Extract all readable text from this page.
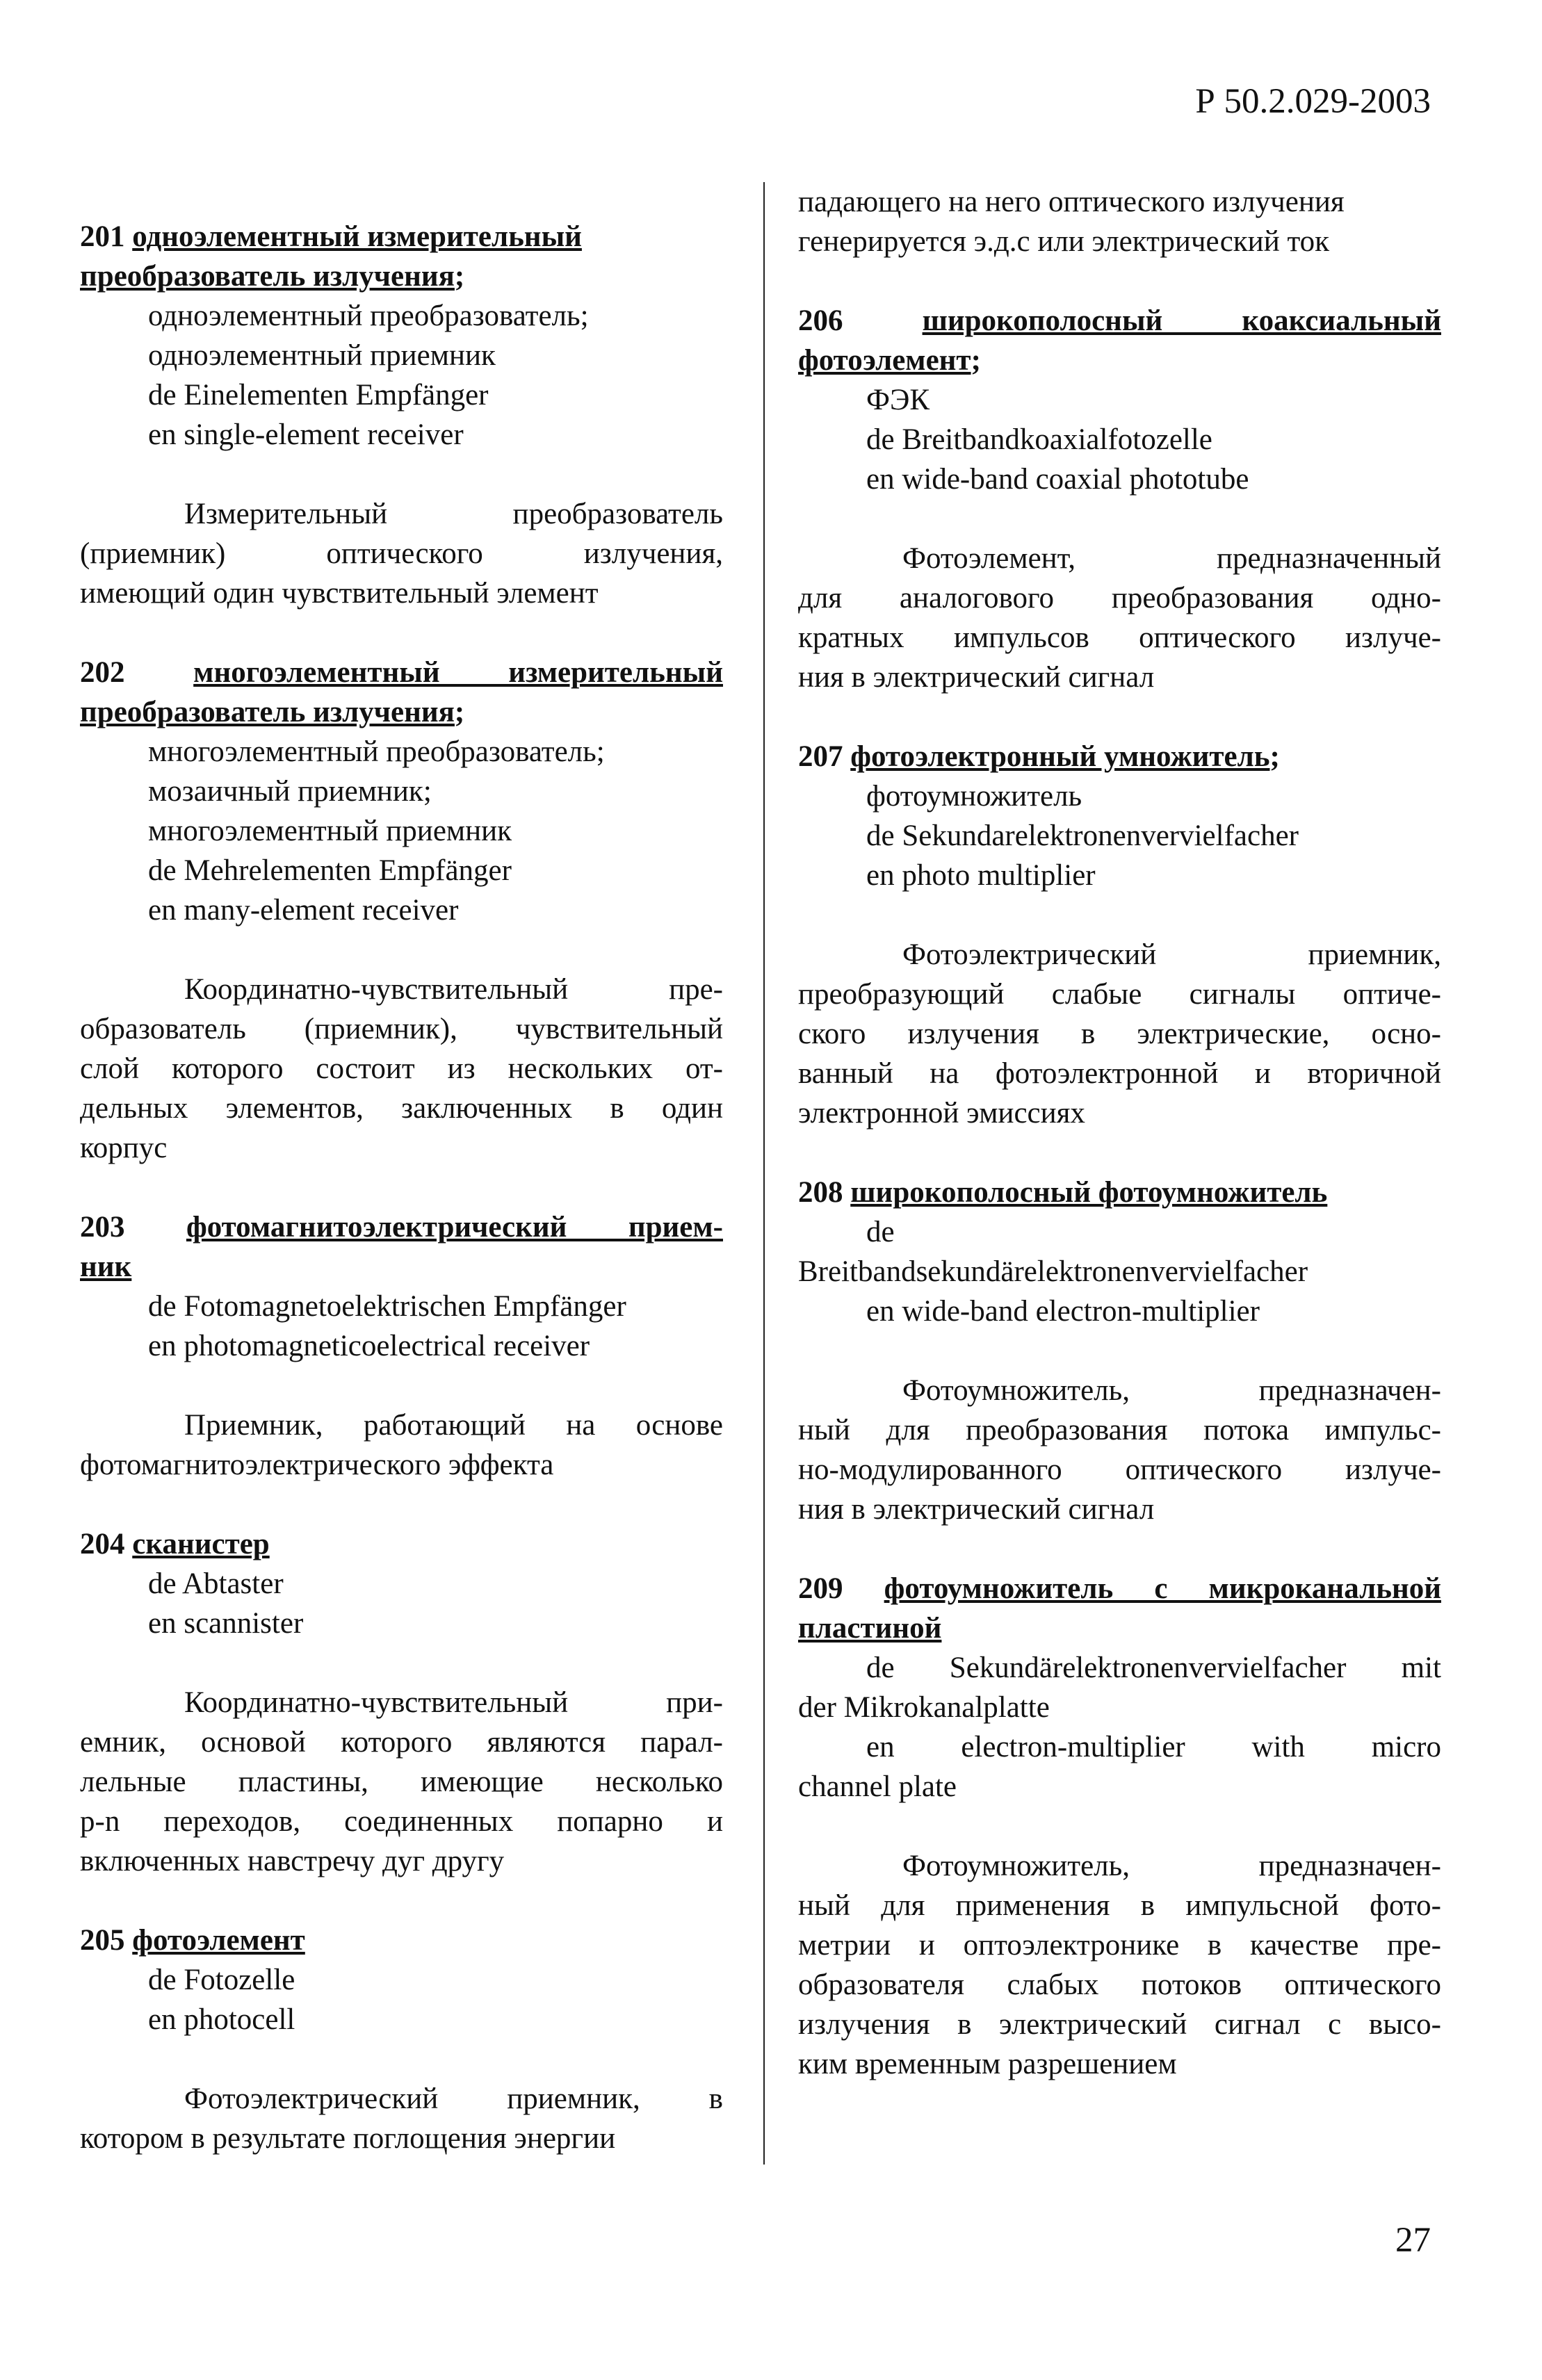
Р 50.2.029-2003

201 одноэлементный измерительный

преобразователь излучения;

одноэлементный преобразователь;

одноэлементный приемник

de Einelementen Empfänger

en single-element receiver

Измерительный преобразователь

(приемник) оптического излучения,

имеющий один чувствительный элемент

202 многоэлементный измерительный

преобразователь излучения;

многоэлементный преобразователь;

мозаичный приемник;

многоэлементный приемник

de Mehrelementen Empfänger

en many-element receiver

Координатно-чувствительный пре-

образователь (приемник), чувствительный

слой которого состоит из нескольких от-

дельных элементов, заключенных в один

корпус

203 фотомагнитоэлектрический прием-

ник

de Fotomagnetoelektrischen Empfänger

en photomagneticoelectrical receiver

Приемник, работающий на основе

фотомагнитоэлектрического эффекта

204 сканистер

de Abtaster

en scannister

Координатно-чувствительный при-

емник, основой которого являются парал-

лельные пластины, имеющие несколько

p-n переходов, соединенных попарно и

включенных навстречу дуг другу

205 фотоэлемент

de Fotozelle

en photocell

Фотоэлектрический приемник, в

котором в результате поглощения энергии

падающего на него оптического излучения

генерируется э.д.с или электрический ток

206	широкополосный коаксиальный

фотоэлемент;

ФЭК

de Breitbandkoaxialfotozelle

en wide-band coaxial phototube

Фотоэлемент, предназначенный

для аналогового преобразования одно-

кратных импульсов оптического излуче-

ния в электрический сигнал

207 фотоэлектронный умножитель;

фотоумножитель

de Sekundarelektronenvervielfacher

en photo multiplier

Фотоэлектрический приемник,

преобразующий слабые сигналы оптиче-

ского излучения в электрические, осно-

ванный на фотоэлектронной и вторичной

электронной эмиссиях

208 широкополосный фотоумножитель

de

Breitbandsekundärelektronenvervielfacher

en wide-band electron-multiplier

Фотоумножитель, предназначен-

ный для преобразования потока импульс-

но-модулированного оптического излуче-

ния в электрический сигнал

209 фотоумножитель с микроканальной

пластиной

de Sekundärelektronenvervielfacher mit

der Mikrokanalplatte

en electron-multiplier with micro

channel plate

Фотоумножитель, предназначен-

ный для применения в импульсной фото-

метрии и оптоэлектронике в качестве пре-

образователя слабых потоков оптического

излучения в электрический сигнал с высо-

ким временным разрешением

27
